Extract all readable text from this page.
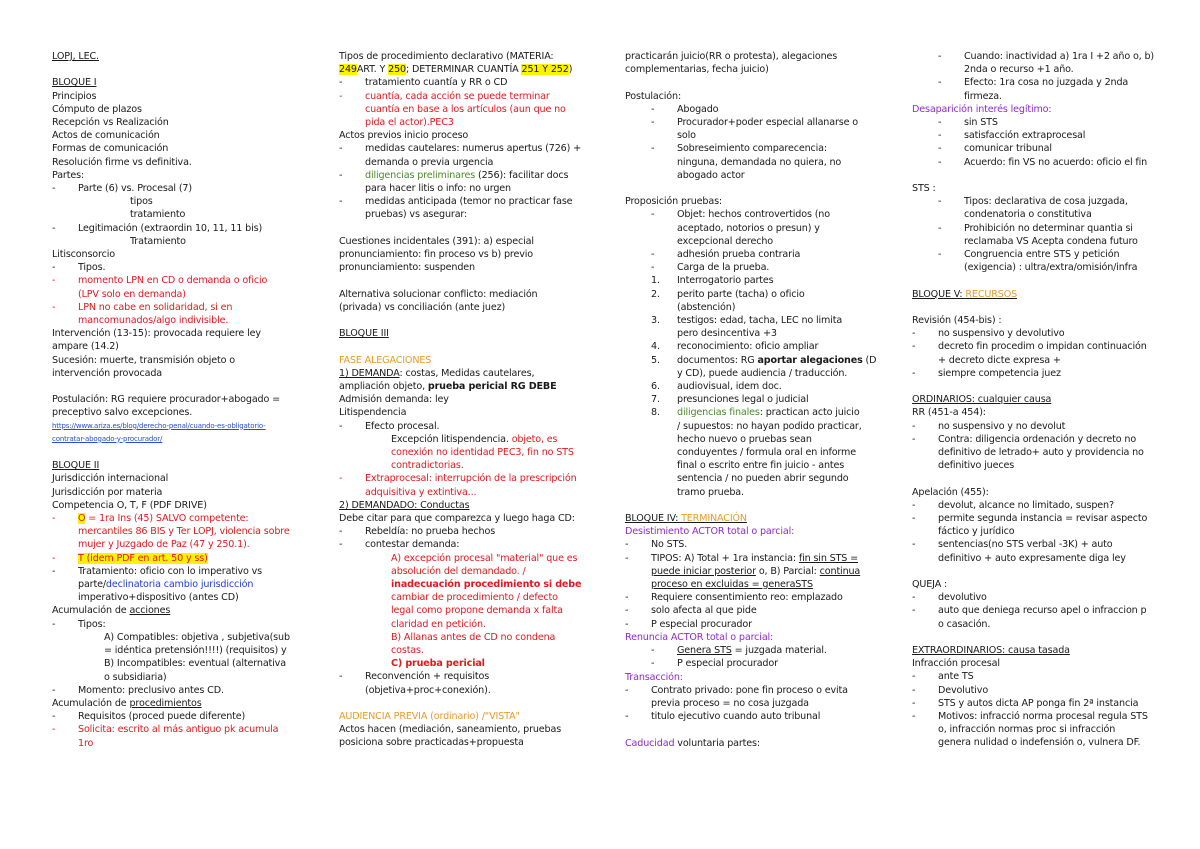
LOPJ, LEC.
BLOQUE I
Principios
Cómputo de plazos
Recepción vs Realización
Actos de comunicación
Formas de comunicación
Resolución firme vs definitiva.
Partes:
- Parte (6) vs. Procesal (7)
tipos
tratamiento
- Legitimación (extraordin 10, 11, 11 bis)
Tratamiento
Litisconsorcio
- Tipos.
- momento LPN en CD o demanda o oficio
(LPV solo en demanda)
- LPN no cabe en solidaridad, si en
mancomunados/algo indivisible.
Intervención (13-15): provocada requiere ley
ampare (14.2)
Sucesión: muerte, transmisión objeto o
intervención provocada
Postulación: RG requiere procurador+abogado =
preceptivo salvo excepciones.
https://www.ariza.es/blog/derecho-penal/cuando-es-obligatorio-
contratar-abogado-y-procurador/
BLOQUE II
Jurisdicción internacional
Jurisdicción por materia
Competencia O, T, F (PDF DRIVE)
- O = 1ra Ins (45) SALVO competente:
mercantiles 86 BIS y Ter LOPJ, violencia sobre
mujer y Juzgado de Paz (47 y 250.1).
- T (idem PDF en art. 50 y ss)
- Tratamiento: oficio con lo imperativo vs
parte/declinatoria cambio jurisdicción
imperativo+dispositivo (antes CD)
Acumulación de acciones
- Tipos:
A) Compatibles: objetiva , subjetiva(sub
= idéntica pretensión!!!!) (requisitos) y
B) Incompatibles: eventual (alternativa
o subsidiaria)
- Momento: preclusivo antes CD.
Acumulación de procedimientos
- Requisitos (proced puede diferente)
- Solicita: escrito al más antiguo pk acumula
1ro
Tipos de procedimiento declarativo (MATERIA:
249ART. Y 250; DETERMINAR CUANTÍA 251 Y 252)
- tratamiento cuantía y RR o CD
- cuantía, cada acción se puede terminar
cuantía en base a los artículos (aun que no
pida el actor).PEC3
Actos previos inicio proceso
- medidas cautelares: numerus apertus (726) +
demanda o previa urgencia
- diligencias preliminares (256): facilitar docs
para hacer litis o info: no urgen
- medidas anticipada (temor no practicar fase
pruebas) vs asegurar:
Cuestiones incidentales (391): a) especial
pronunciamiento: fin proceso vs b) previo
pronunciamiento: suspenden
Alternativa solucionar conflicto: mediación
(privada) vs conciliación (ante juez)
BLOQUE III
FASE ALEGACIONES
1) DEMANDA: costas, Medidas cautelares,
ampliación objeto, prueba pericial RG DEBE
Admisión demanda: ley
Litispendencia
- Efecto procesal.
Excepción litispendencia. objeto, es
conexión no identidad PEC3, fin no STS
contradictorias.
- Extraprocesal: interrupción de la prescripción
adquisitiva y extintiva...
2) DEMANDADO: Conductas
Debe citar para que comparezca y luego haga CD:
- Rebeldía: no prueba hechos
- contestar demanda:
A) excepción procesal "material" que es
absolución del demandado. /
inadecuación procedimiento si debe
cambiar de procedimiento / defecto
legal como propone demanda x falta
claridad en petición.
B) Allanas antes de CD no condena
costas.
C) prueba pericial
- Reconvención + requisitos
(objetiva+proc+conexión).
AUDIENCIA PREVIA (ordinario) /"VISTA"
Actos hacen (mediación, saneamiento, pruebas
posiciona sobre practicadas+propuesta
practicarán juicio(RR o protesta), alegaciones
complementarias, fecha juicio)
Postulación:
- Abogado
- Procurador+poder especial allanarse o
solo
- Sobreseimiento comparecencia:
ninguna, demandada no quiera, no
abogado actor
Proposición pruebas:
- Objet: hechos controvertidos (no
aceptado, notorios o presun) y
excepcional derecho
- adhesión prueba contraria
- Carga de la prueba.
1. Interrogatorio partes
2. perito parte (tacha) o oficio
(abstención)
3. testigos: edad, tacha, LEC no limita
pero desincentiva +3
4. reconocimiento: oficio ampliar
5. documentos: RG aportar alegaciones (D
y CD), puede audiencia / traducción.
6. audiovisual, idem doc.
7. presunciones legal o judicial
8. diligencias finales: practican acto juicio
/ supuestos: no hayan podido practicar,
hecho nuevo o pruebas sean
conduyentes / formula oral en informe
final o escrito entre fin juicio - antes
sentencia / no pueden abrir segundo
tramo prueba.
BLOQUE IV: TERMINACIÓN
Desistimiento ACTOR total o parcial:
- No STS.
- TIPOS: A) Total + 1ra instancia: fin sin STS =
puede iniciar posterior o, B) Parcial: continua
proceso en excluidas = generaSTS
- Requiere consentimiento reo: emplazado
- solo afecta al que pide
- P especial procurador
Renuncia ACTOR total o parcial:
- Genera STS = juzgada material.
- P especial procurador
Transacción:
- Contrato privado: pone fin proceso o evita
previa proceso = no cosa juzgada
- titulo ejecutivo cuando auto tribunal
Caducidad voluntaria partes:
- Cuando: inactividad a) 1ra I +2 año o, b)
2nda o recurso +1 año.
- Efecto: 1ra cosa no juzgada y 2nda
firmeza.
Desaparición interés legítimo:
- sin STS
- satisfacción extraprocesal
- comunicar tribunal
- Acuerdo: fin VS no acuerdo: oficio el fin
STS :
- Tipos: declarativa de cosa juzgada,
condenatoria o constitutiva
- Prohibición no determinar quantia si
reclamaba VS Acepta condena futuro
- Congruencia entre STS y petición
(exigencia) : ultra/extra/omisión/infra
BLOQUE V: RECURSOS
Revisión (454-bis) :
- no suspensivo y devolutivo
- decreto fin procedim o impidan continuación
+ decreto dicte expresa +
- siempre competencia juez
ORDINARIOS: cualquier causa
RR (451-a 454):
- no suspensivo y no devolut
- Contra: diligencia ordenación y decreto no
definitivo de letrado+ auto y providencia no
definitivo jueces
Apelación (455):
- devolut, alcance no limitado, suspen?
- permite segunda instancia = revisar aspecto
fáctico y jurídico
- sentencias(no STS verbal -3K) + auto
definitivo + auto expresamente diga ley
QUEJA :
- devolutivo
- auto que deniega recurso apel o infraccion p
o casación.
EXTRAORDINARIOS: causa tasada
Infracción procesal
- ante TS
- Devolutivo
- STS y autos dicta AP ponga fin 2ª instancia
- Motivos: infracció norma procesal regula STS
o, infracción normas proc si infracción
genera nulidad o indefensión o, vulnera DF.
